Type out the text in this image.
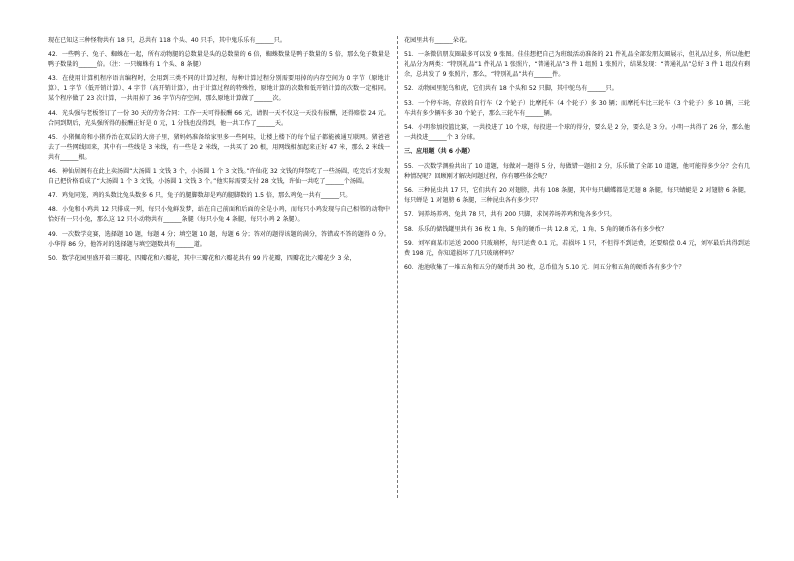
现在已知这三种怪物共有 18 只，总共有 118 个头、40 只手，其中鬼乐乐有______只。

42．一些鸭子、兔子、蜘蛛在一起，所有动物腿的总数量是头的总数量的 6 倍，蜘蛛数量是鸭子数量的 5 倍，那么兔子数量是鸭子数量的______倍。（注：一只蜘蛛有 1 个头、8 条腿）

43．在使用计算机程序语言编程时，会用到三类不同的计算过程，每种计算过程分别需要用掉的内存空间为 0 字节（原地计算）、1 字节（低开销计算）、4 字节（高开销计算），由于计算过程的特殊性，原地计算的次数和低开销计算的次数一定相同。某个程序做了 23 次计算，一共用掉了 36 字节内存空间，那么原地计算做了______次。

44．光头强与老板签订了一份 30 天的劳务合同：工作一天可得报酬 66 元，请假一天不仅这一天没有报酬，还得赔偿 24 元。合同到期后，光头强所得的报酬正好是 0 元，1 分钱也没得到，他一共工作了______天。

45．小猪佩奇和小猪乔治在双层的大房子里，猪妈妈准备给家里多一些阿哇，让楼上楼下的每个屋子都能被通互联网。猪爸爸去了一些网线回来，其中有一些线是 3 米线，有一些是 2 米线，一共买了 20 根，用网线相加起来正好 47 米，那么 2 米线一共有______根。

46．神仙居阁有在此上卖汤圆“大汤圆 1 文钱 3 个，小汤圆 1 个 3 文钱。”许仙花 32 文钱的拜祭吃了一些汤圆，吃完后才发现自己把价格看成了“大汤圆 1 个 3 文钱，小汤圆 1 文钱 3 个。”他实际需要支付 28 文钱，许仙一共吃了______个汤圆。

47．鸡兔同笼，鸡的头数比兔头数多 6 只，兔子的腿脚数却是鸡的腿脚数的 1.5 倍，那么鸡兔一共有______只。

48．小兔和小鸡共 12 只排成一列，每只小兔鲜发梦，站在自己前面和后面的全是小鸡，而每只小鸡发现与自己相邻的动物中恰好有一只小兔，那么这 12 只小动物共有______条腿（每只小兔 4 条腿，每只小鸡 2 条腿）。

49．一次数学竞赛，选择题 10 题，每题 4 分；填空题 10 题，每题 6 分；答对的题得该题的满分，答错或不答的题得 0 分。小华得 86 分，他答对的选择题与填空题数共有______道。

50．数学花园里盛开着三瓣花、四瓣花和六瓣花，其中三瓣花和六瓣花共有 99 片花瓣，四瓣花比六瓣花少 3 朵，

花园里共有______朵花。

51．一条微信朋友圈最多可以发 9 张图。佳佳想把自己为班级活动准备的 21 件礼品全部发朋友圈展示，但礼品过多，所以他把礼品分为两类：“特别礼品”1 件礼品 1 张照片，“普通礼品”3 件 1 组照 1 张照片，结果发现：“普通礼品”总好 3 件 1 组没有剩余，总共发了 9 张照片，那么，“特别礼品”共有______件。

52．动物园里鸵鸟和虎，它们共有 18 个头和 52 只脚，其中鸵鸟有______只。

53．一个停车场，存放的自行车（2 个轮子）比摩托车（4 个轮子）多 30 辆；而摩托车比三轮车（3 个轮子）多 10 辆，三轮车共有多少辆车多 30 个轮子，那么三轮车有______辆。

54．小明参加投篮比赛，一共投进了 10 个球，每投进一个球的得分，要么是 2 分，要么是 3 分。小明一共得了 26 分，那么他一共投进______个 3 分球。

三、应用题（共 6 小题）

55．一次数学测验共出了 10 道题，每做对一题得 5 分，每做错一题扣 2 分，乐乐做了全部 10 道题，他可能得多少分？会有几种情况呢？回顾刚才解决问题过程，你有哪些体会呢？

56．三种昆虫共 17 只，它们共有 20 对翅膀，共有 108 条腿，其中每只蝴蝶都是无翅 8 条腿，每只蜻蜓是 2 对翅膀 6 条腿，每只蝉是 1 对翅膀 6 条腿，三种昆虫各有多少只？

57．饲养场养鸡、兔共 78 只，共有 200 只脚，求饲养场养鸡和兔各多少只。

58．乐乐的储钱罐里共有 36 枚 1 角、5 角的硬币一共 12.8 元，1 角、5 角的硬币各有多少枚？

59．刘军商某市运送 2000 只玻璃杯，每只运费 0.1 元，若损坏 1 只，不但得不到运费，还要赔偿 0.4 元，刘军最后共得到运费 198 元，你知道损坏了几只玻璃杯吗？

60．池池收集了一堆五角和五分的硬币共 30 枚，总币值为 5.10 元．问五分和五角的硬币各有多少个？
